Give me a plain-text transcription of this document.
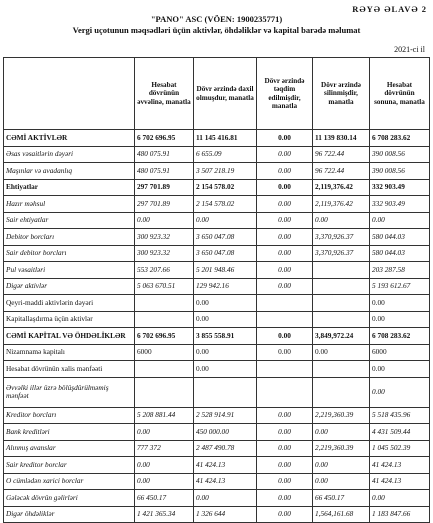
RƏYƏ ƏLAVƏ 2
"PANO" ASC (VÖEN: 1900235771)
Vergi uçotunun məqsədləri üçün aktivlər, öhdəliklər və kapital barədə məlumat
2021-ci il
	Hesabat dövrünün əvvəlinə, manatla	Dövr ərzində daxil olmuşdur, manatla	Dövr ərzində təqdim edilmişdir, manatla	Dövr ərzində silinmişdir, manatla	Hesabat dövrünün sonuna, manatla
CƏMİ AKTİVLƏR	6 702 696.95	11 145 416.81	0.00	11 139 830.14	6 708 283.62
Əsas vəsaitlərin dəyəri	480 075.91	6 655.09	0.00	96 722.44	390 008.56
Maşınlar və avadanlıq	480 075.91	3 507 218.19	0.00	96 722.44	390 008.56
Ehtiyatlar	297 701.89	2 154 578.02	0.00	2,119,376.42	332 903.49
Hazır məhsul	297 701.89	2 154 578.02	0.00	2,119,376.42	332 903.49
Sair ehtiyatlar	0.00	0.00	0.00	0.00	0.00
Debitor borcları	300 923.32	3 650 047.08	0.00	3,370,926.37	580 044.03
Sair debitor borcları	300 923.32	3 650 047.08	0.00	3,370,926.37	580 044.03
Pul vəsaitləri	553 207.66	5 201 948.46	0.00		203 287.58
Digər aktivlər	5 063 670.51	129 942.16	0.00		5 193 612.67
Qeyri-maddi aktivlərin dəyəri		0.00			0.00
Kapitallaşdırma üçün aktivlər		0.00			0.00
CƏMİ KAPİTAL VƏ ÖHDƏLİKLƏR	6 702 696.95	3 855 558.91	0.00	3,849,972.24	6 708 283.62
Nizamnamə kapitalı	6000	0.00	0.00	0.00	6000
Hesabat dövrünün xalis mənfəəti		0.00			0.00
Əvvəlki illər üzrə bölüşdürülməmiş mənfəət					0.00
Kreditor borcları	5 208 881.44	2 528 914.91	0.00	2,219,360.39	5 518 435.96
Bank kreditləri	0.00	450 000.00	0.00	0.00	4 431 509.44
Alınmış avanslar	777 372	2 487 490.78	0.00	2,219,360.39	1 045 502.39
Sair kreditor borclar	0.00	41 424.13	0.00	0.00	41 424.13
O cümlədən xarici borclar	0.00	41 424.13	0.00	0.00	41 424.13
Gələcək dövrün gəlirləri	66 450.17	0.00	0.00	66 450.17	0.00
Digər öhdəliklər	1 421 365.34	1 326 644	0.00	1,564,161.68	1 183 847.66
